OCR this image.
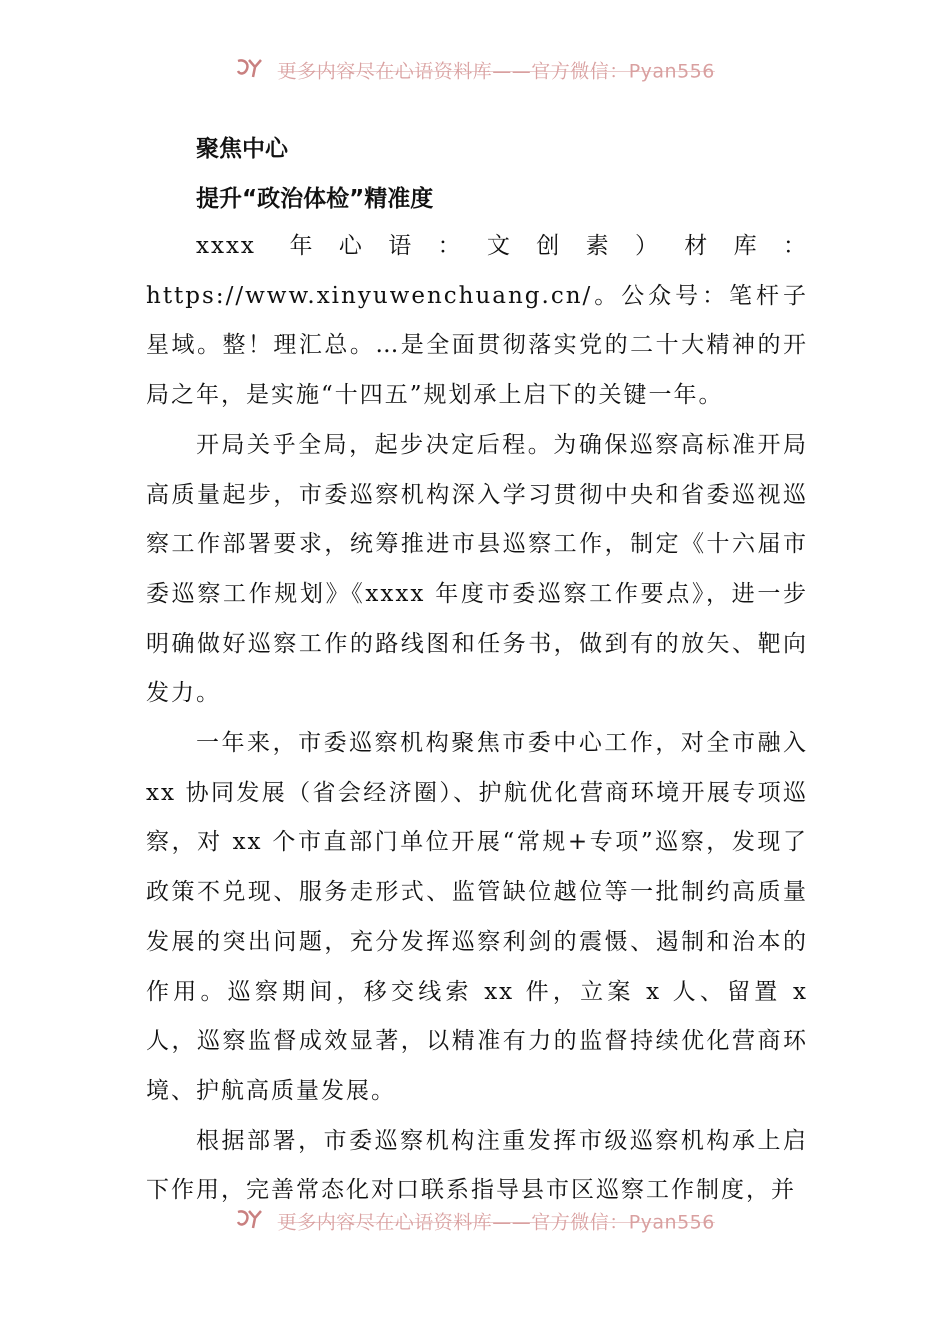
更多内容尽在心语资料库——官方微信：Pyan556
聚焦中心
提升“政治体检”精准度

xxxx 年心语：文创素）材库：https://www.xinyuwenchuang.cn/。公众号：笔杆子星域。整！理汇总。…是全面贯彻落实党的二十大精神的开局之年，是实施“十四五”规划承上启下的关键一年。

开局关乎全局，起步决定后程。为确保巡察高标准开局高质量起步，市委巡察机构深入学习贯彻中央和省委巡视巡察工作部署要求，统筹推进市县巡察工作，制定《十六届市委巡察工作规划》《xxxx 年度市委巡察工作要点》，进一步明确做好巡察工作的路线图和任务书，做到有的放矢、靶向发力。

一年来，市委巡察机构聚焦市委中心工作，对全市融入 xx 协同发展（省会经济圈）、护航优化营商环境开展专项巡察，对 xx 个市直部门单位开展“常规+专项”巡察，发现了政策不兑现、服务走形式、监管缺位越位等一批制约高质量发展的突出问题，充分发挥巡察利剑的震慑、遏制和治本的作用。巡察期间，移交线索 xx 件，立案 x 人、留置 x 人，巡察监督成效显著，以精准有力的监督持续优化营商环境、护航高质量发展。

根据部署，市委巡察机构注重发挥市级巡察机构承上启下作用，完善常态化对口联系指导县市区巡察工作制度，并

更多内容尽在心语资料库——官方微信：Pyan556
